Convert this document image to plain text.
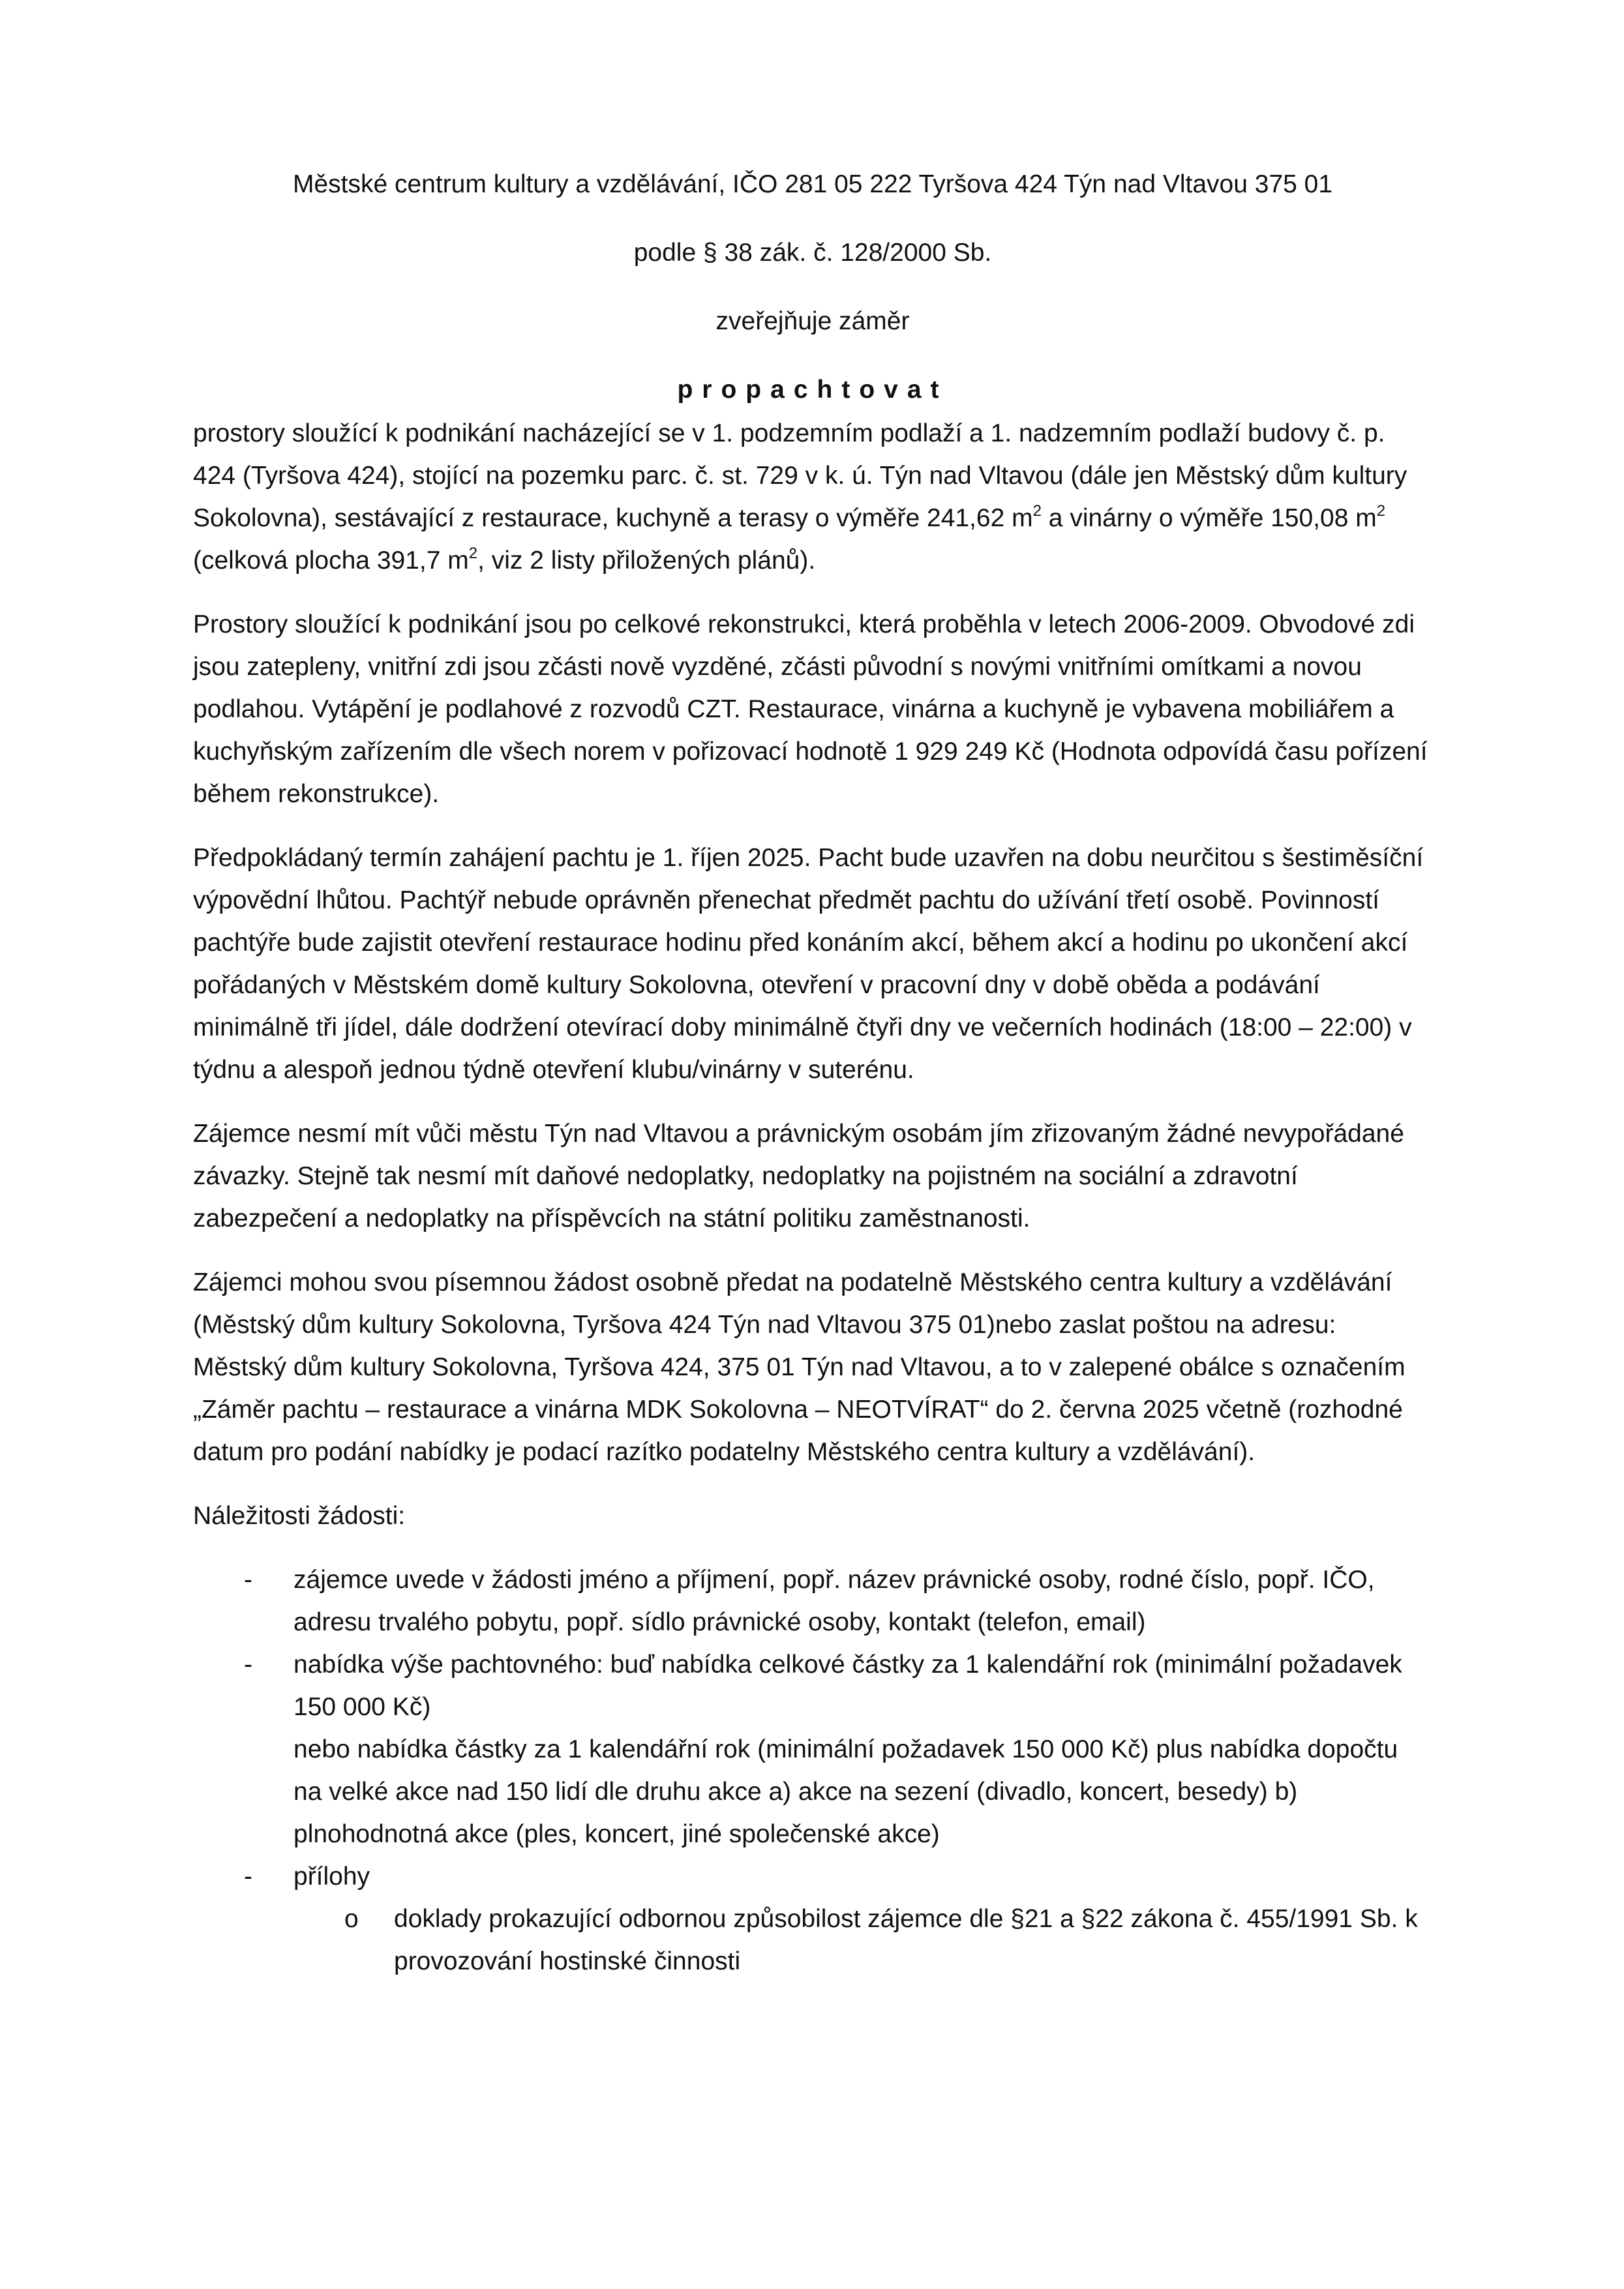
Městské centrum kultury a vzdělávání, IČO 281 05 222 Tyršova 424 Týn nad Vltavou 375 01

podle § 38 zák. č. 128/2000 Sb.

zveřejňuje záměr

propachtovat

prostory sloužící k podnikání nacházející se v 1. podzemním podlaží a 1. nadzemním podlaží budovy č. p. 424 (Tyršova 424), stojící na pozemku parc. č. st. 729 v k. ú. Týn nad Vltavou (dále jen Městský dům kultury Sokolovna), sestávající z restaurace, kuchyně a terasy o výměře 241,62 $m^2$ a vinárny o výměře 150,08 $m^2$ (celková plocha 391,7 $m^2$, viz 2 listy přiložených plánů).

Prostory sloužící k podnikání jsou po celkové rekonstrukci, která proběhla v letech 2006-2009. Obvodové zdi jsou zatepleny, vnitřní zdi jsou zčásti nově vyzděné, zčásti původní s novými vnitřními omítkami a novou podlahou. Vytápění je podlahové z rozvodů CZT. Restaurace, vinárna a kuchyně je vybavena mobiliářem a kuchyňským zařízením dle všech norem v pořizovací hodnotě 1 929 249 Kč (Hodnota odpovídá času pořízení během rekonstrukce).

Předpokládaný termín zahájení pachtu je 1. říjen 2025. Pacht bude uzavřen na dobu neurčitou s šestiměsíční výpovědní lhůtou. Pachtýř nebude oprávněn přenechat předmět pachtu do užívání třetí osobě. Povinností pachtýře bude zajistit otevření restaurace hodinu před konáním akcí, během akcí a hodinu po ukončení akcí pořádaných v Městském domě kultury Sokolovna, otevření v pracovní dny v době oběda a podávání minimálně tři jídel, dále dodržení otevírací doby minimálně čtyři dny ve večerních hodinách (18:00 – 22:00) v týdnu a alespoň jednou týdně otevření klubu/vinárny v suterénu.

Zájemce nesmí mít vůči městu Týn nad Vltavou a právnickým osobám jím zřizovaným žádné nevypořádané závazky. Stejně tak nesmí mít daňové nedoplatky, nedoplatky na pojistném na sociální a zdravotní zabezpečení a nedoplatky na příspěvcích na státní politiku zaměstnanosti.

Zájemci mohou svou písemnou žádost osobně předat na podatelně Městského centra kultury a vzdělávání (Městský dům kultury Sokolovna, Tyršova 424 Týn nad Vltavou 375 01)nebo zaslat poštou na adresu: Městský dům kultury Sokolovna, Tyršova 424, 375 01 Týn nad Vltavou, a to v zalepené obálce s označením „Záměr pachtu – restaurace a vinárna MDK Sokolovna – NEOTVÍRAT“ do 2. června 2025 včetně (rozhodné datum pro podání nabídky je podací razítko podatelny Městského centra kultury a vzdělávání).

Náležitosti žádosti:

- zájemce uvede v žádosti jméno a příjmení, popř. název právnické osoby, rodné číslo, popř. IČO, adresu trvalého pobytu, popř. sídlo právnické osoby, kontakt (telefon, email)
- nabídka výše pachtovného: buď nabídka celkové částky za 1 kalendářní rok (minimální požadavek 150 000 Kč)
nebo nabídka částky za 1 kalendářní rok (minimální požadavek 150 000 Kč) plus nabídka dopočtu na velké akce nad 150 lidí dle druhu akce a) akce na sezení (divadlo, koncert, besedy) b) plnohodnotná akce (ples, koncert, jiné společenské akce)
- přílohy
o doklady prokazující odbornou způsobilost zájemce dle §21 a §22 zákona č. 455/1991 Sb. k provozování hostinské činnosti
